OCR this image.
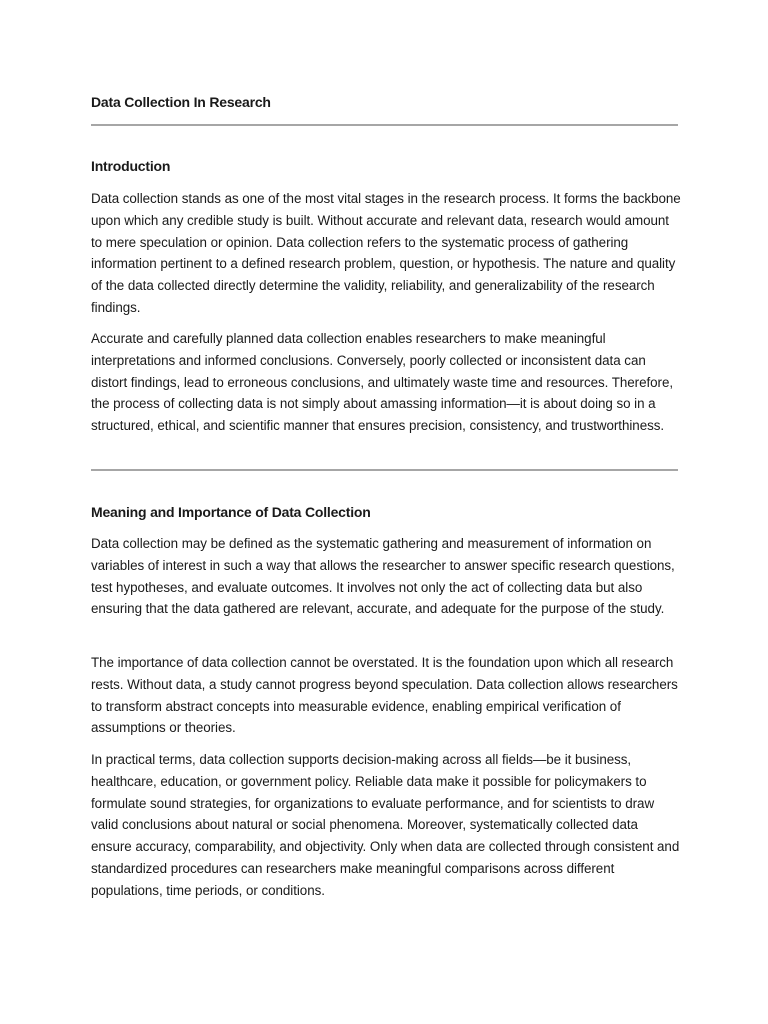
Data Collection In Research
Introduction

Data collection stands as one of the most vital stages in the research process. It forms the backbone upon which any credible study is built. Without accurate and relevant data, research would amount to mere speculation or opinion. Data collection refers to the systematic process of gathering information pertinent to a defined research problem, question, or hypothesis. The nature and quality of the data collected directly determine the validity, reliability, and generalizability of the research findings.

Accurate and carefully planned data collection enables researchers to make meaningful interpretations and informed conclusions. Conversely, poorly collected or inconsistent data can distort findings, lead to erroneous conclusions, and ultimately waste time and resources. Therefore, the process of collecting data is not simply about amassing information—it is about doing so in a structured, ethical, and scientific manner that ensures precision, consistency, and trustworthiness.

Meaning and Importance of Data Collection

Data collection may be defined as the systematic gathering and measurement of information on variables of interest in such a way that allows the researcher to answer specific research questions, test hypotheses, and evaluate outcomes. It involves not only the act of collecting data but also ensuring that the data gathered are relevant, accurate, and adequate for the purpose of the study.

The importance of data collection cannot be overstated. It is the foundation upon which all research rests. Without data, a study cannot progress beyond speculation. Data collection allows researchers to transform abstract concepts into measurable evidence, enabling empirical verification of assumptions or theories.

In practical terms, data collection supports decision-making across all fields—be it business, healthcare, education, or government policy. Reliable data make it possible for policymakers to formulate sound strategies, for organizations to evaluate performance, and for scientists to draw valid conclusions about natural or social phenomena. Moreover, systematically collected data ensure accuracy, comparability, and objectivity. Only when data are collected through consistent and standardized procedures can researchers make meaningful comparisons across different populations, time periods, or conditions.
